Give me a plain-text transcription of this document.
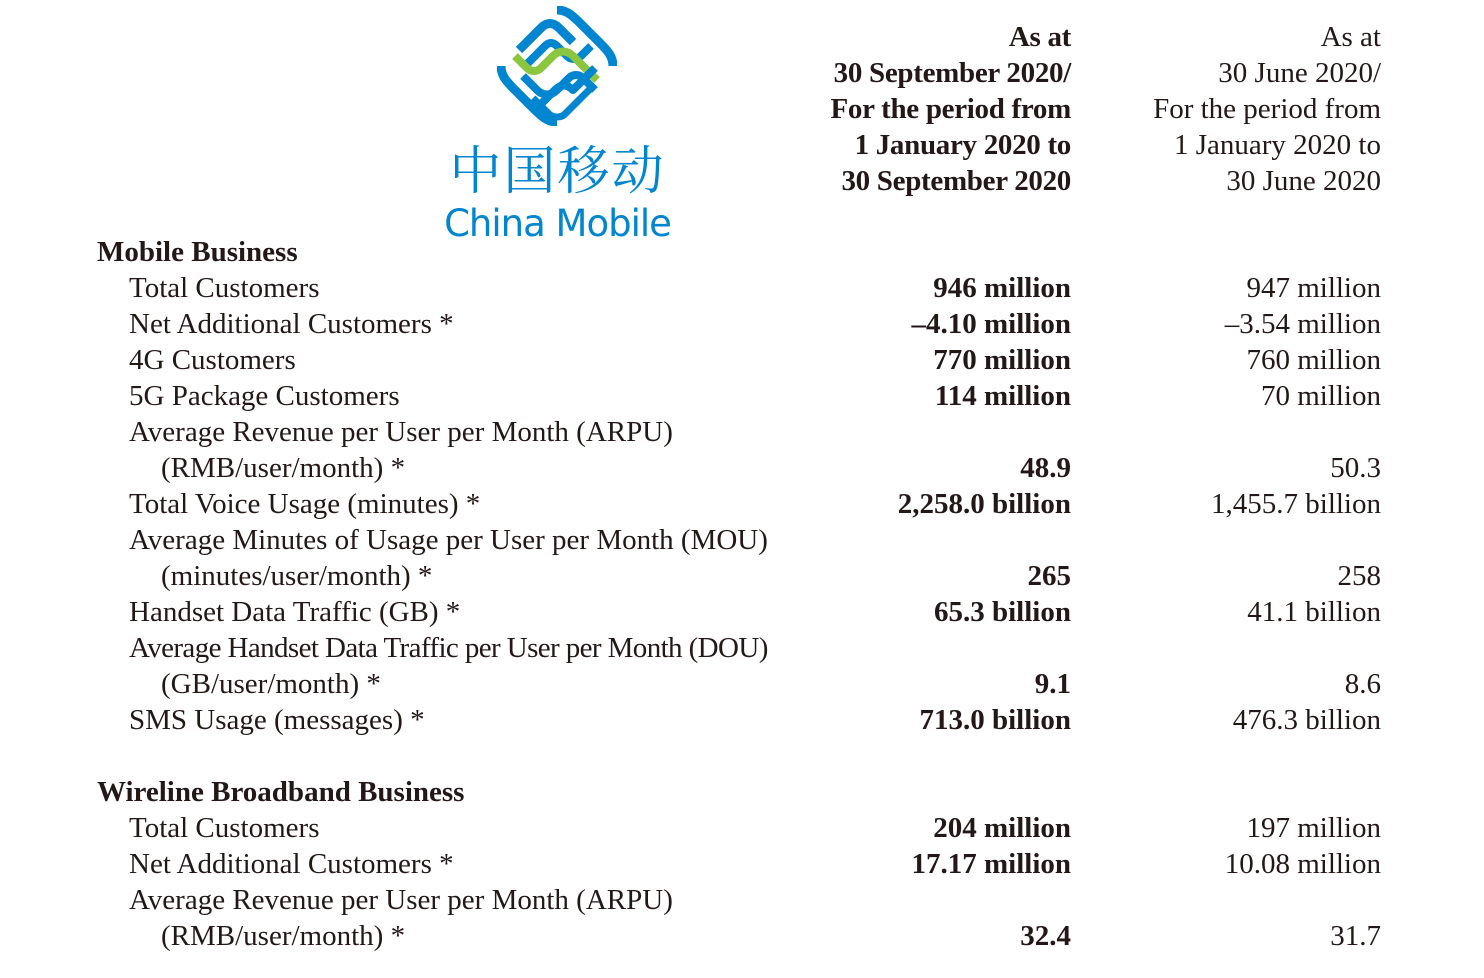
中国移动
China Mobile
As at
30 September 2020/
For the period from
1 January 2020 to
30 September 2020
As at
30 June 2020/
For the period from
1 January 2020 to
30 June 2020
Mobile Business
Total Customers	946 million	947 million
Net Additional Customers *	–4.10 million	–3.54 million
4G Customers	770 million	760 million
5G Package Customers	114 million	70 million
Average Revenue per User per Month (ARPU)
(RMB/user/month) *	48.9	50.3
Total Voice Usage (minutes) *	2,258.0 billion	1,455.7 billion
Average Minutes of Usage per User per Month (MOU)
(minutes/user/month) *	265	258
Handset Data Traffic (GB) *	65.3 billion	41.1 billion
Average Handset Data Traffic per User per Month (DOU)
(GB/user/month) *	9.1	8.6
SMS Usage (messages) *	713.0 billion	476.3 billion
Wireline Broadband Business
Total Customers	204 million	197 million
Net Additional Customers *	17.17 million	10.08 million
Average Revenue per User per Month (ARPU)
(RMB/user/month) *	32.4	31.7
